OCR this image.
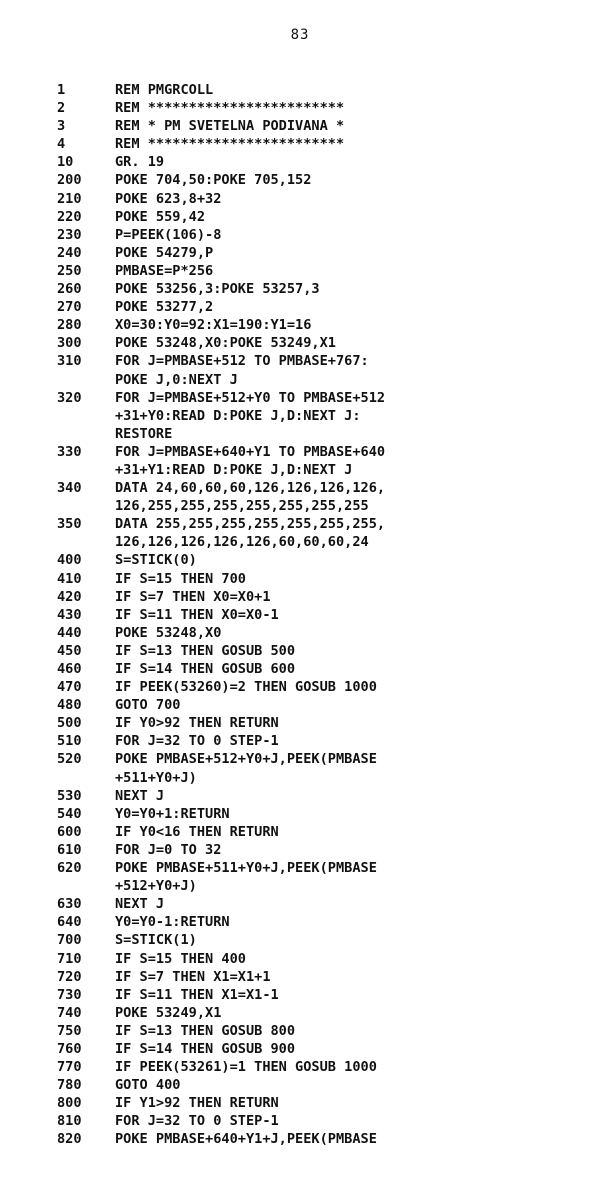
83
1	REM PMGRCOLL
2	REM ************************
3	REM * PM SVETELNA PODIVANA *
4	REM ************************
10	GR. 19
200	POKE 704,50:POKE 705,152
210	POKE 623,8+32
220	POKE 559,42
230	P=PEEK(106)-8
240	POKE 54279,P
250	PMBASE=P*256
260	POKE 53256,3:POKE 53257,3
270	POKE 53277,2
280	X0=30:Y0=92:X1=190:Y1=16
300	POKE 53248,X0:POKE 53249,X1
310	FOR J=PMBASE+512 TO PMBASE+767:
POKE J,0:NEXT J
320	FOR J=PMBASE+512+Y0 TO PMBASE+512
+31+Y0:READ D:POKE J,D:NEXT J:
RESTORE
330	FOR J=PMBASE+640+Y1 TO PMBASE+640
+31+Y1:READ D:POKE J,D:NEXT J
340	DATA 24,60,60,60,126,126,126,126,
126,255,255,255,255,255,255,255
350	DATA 255,255,255,255,255,255,255,
126,126,126,126,126,60,60,60,24
400	S=STICK(0)
410	IF S=15 THEN 700
420	IF S=7 THEN X0=X0+1
430	IF S=11 THEN X0=X0-1
440	POKE 53248,X0
450	IF S=13 THEN GOSUB 500
460	IF S=14 THEN GOSUB 600
470	IF PEEK(53260)=2 THEN GOSUB 1000
480	GOTO 700
500	IF Y0>92 THEN RETURN
510	FOR J=32 TO 0 STEP-1
520	POKE PMBASE+512+Y0+J,PEEK(PMBASE
+511+Y0+J)
530	NEXT J
540	Y0=Y0+1:RETURN
600	IF Y0<16 THEN RETURN
610	FOR J=0 TO 32
620	POKE PMBASE+511+Y0+J,PEEK(PMBASE
+512+Y0+J)
630	NEXT J
640	Y0=Y0-1:RETURN
700	S=STICK(1)
710	IF S=15 THEN 400
720	IF S=7 THEN X1=X1+1
730	IF S=11 THEN X1=X1-1
740	POKE 53249,X1
750	IF S=13 THEN GOSUB 800
760	IF S=14 THEN GOSUB 900
770	IF PEEK(53261)=1 THEN GOSUB 1000
780	GOTO 400
800	IF Y1>92 THEN RETURN
810	FOR J=32 TO 0 STEP-1
820	POKE PMBASE+640+Y1+J,PEEK(PMBASE
